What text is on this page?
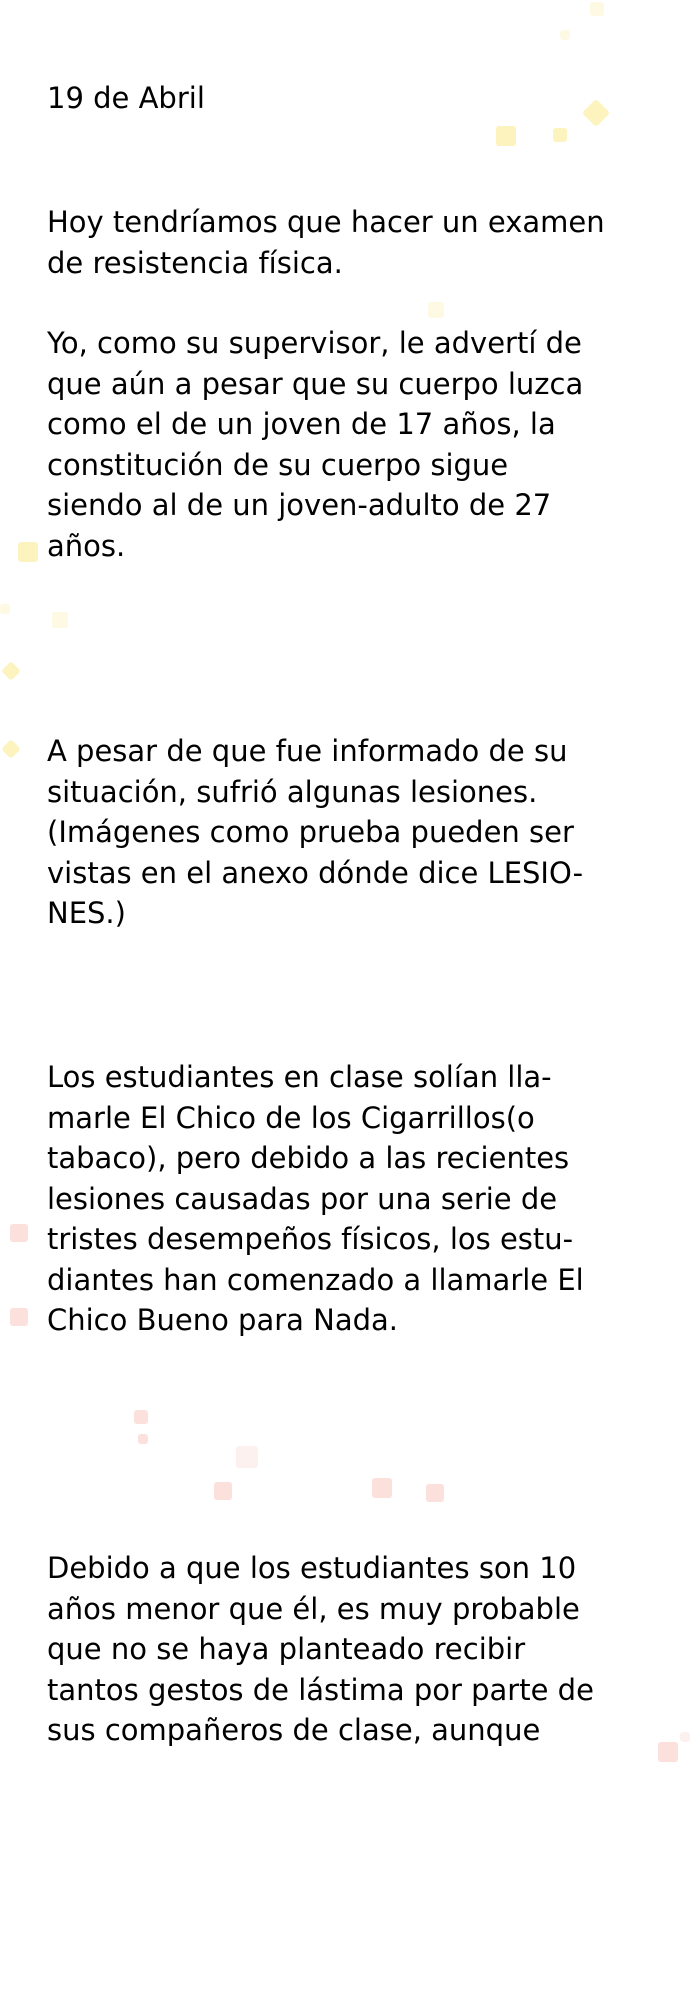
19 de Abril

Hoy tendríamos que hacer un examen
de resistencia física.

Yo, como su supervisor, le advertí de
que aún a pesar que su cuerpo luzca
como el de un joven de 17 años, la
constitución de su cuerpo sigue
siendo al de un joven-adulto de 27
años.

A pesar de que fue informado de su
situación, sufrió algunas lesiones.
(Imágenes como prueba pueden ser
vistas en el anexo dónde dice LESIO-
NES.)

Los estudiantes en clase solían lla-
marle El Chico de los Cigarrillos(o
tabaco), pero debido a las recientes
lesiones causadas por una serie de
tristes desempeños físicos, los estu-
diantes han comenzado a llamarle El
Chico Bueno para Nada.

Debido a que los estudiantes son 10
años menor que él, es muy probable
que no se haya planteado recibir
tantos gestos de lástima por parte de
sus compañeros de clase, aunque
